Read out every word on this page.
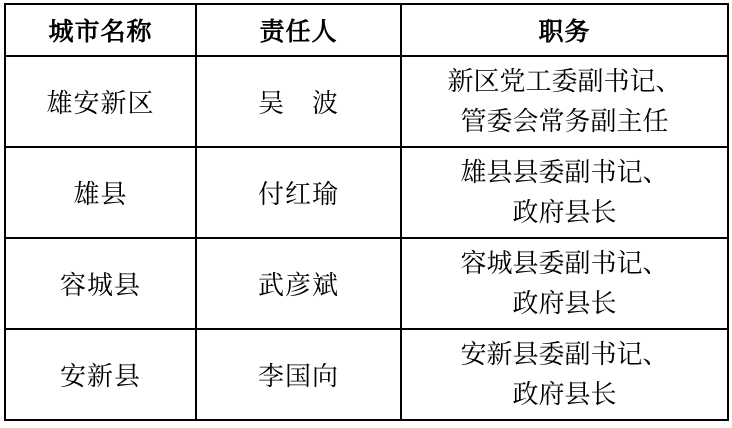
城市名称	责任人	职务
雄安新区	吴　波	新区党工委副书记、
管委会常务副主任

雄县	付红瑜	雄县县委副书记、
政府县长

容城县	武彦斌	容城县委副书记、
政府县长

安新县	李国向	安新县委副书记、
政府县长
